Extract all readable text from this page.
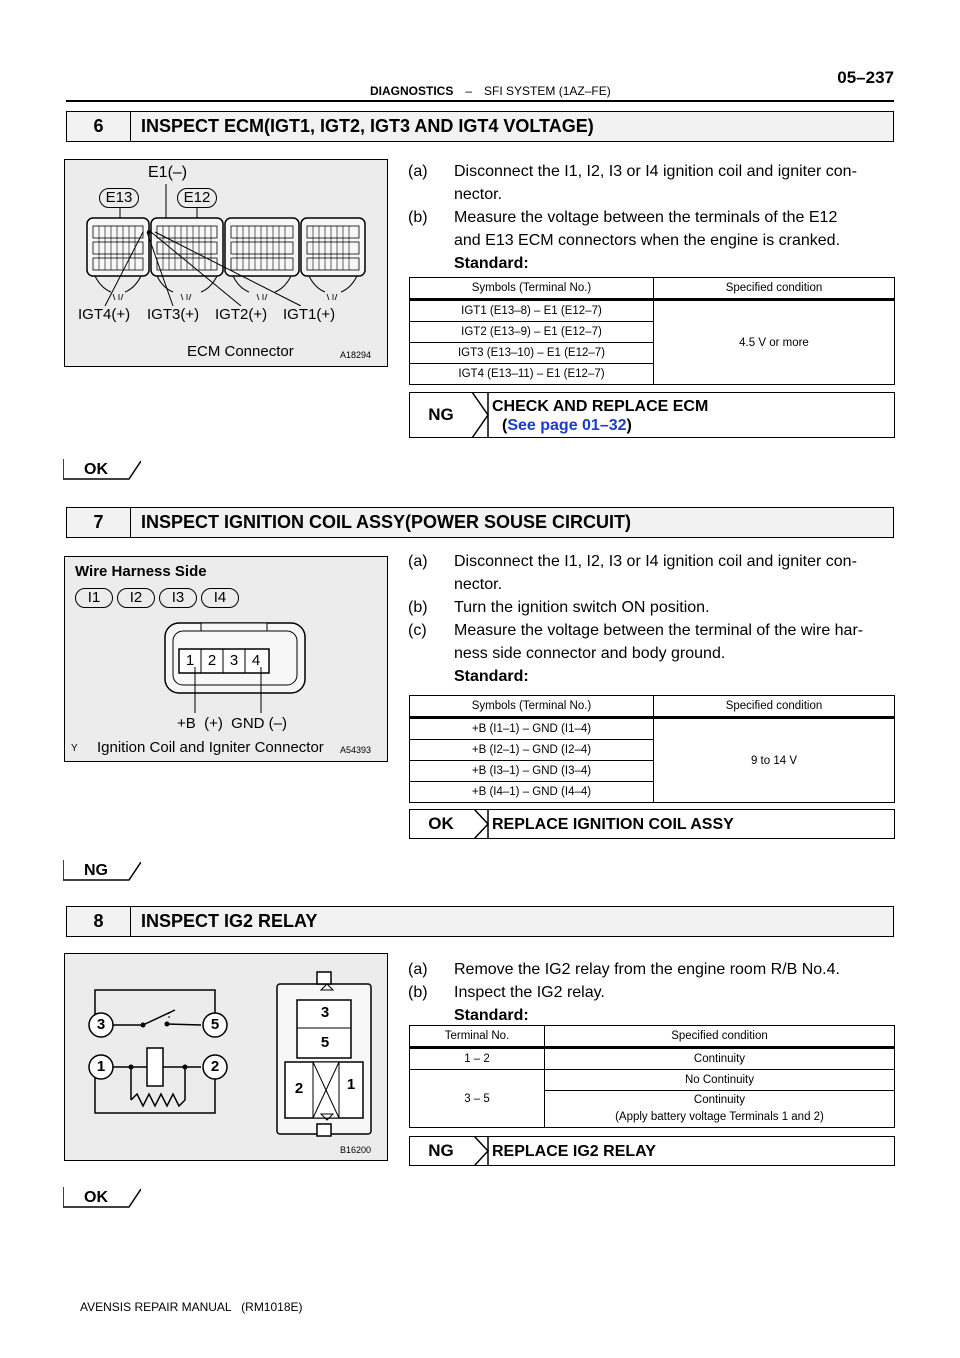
05–237
DIAGNOSTICS – SFI SYSTEM (1AZ–FE)
6	INSPECT ECM(IGT1, IGT2, IGT3 AND IGT4 VOLTAGE)
E1(–)
E13	E12
IGT4(+) IGT3(+) IGT2(+) IGT1(+)
ECM Connector	A18294
(a) Disconnect the I1, I2, I3 or I4 ignition coil and igniter con-
nector.
(b) Measure the voltage between the terminals of the E12
and E13 ECM connectors when the engine is cranked.
Standard:
Symbols (Terminal No.)	Specified condition
IGT1 (E13–8) – E1 (E12–7)	4.5 V or more
IGT2 (E13–9) – E1 (E12–7)	
IGT3 (E13–10) – E1 (E12–7)	
IGT4 (E13–11) – E1 (E12–7)	
NG	CHECK AND REPLACE ECM
(See page 01–32)
OK
7	INSPECT IGNITION COIL ASSY(POWER SOUSE CIRCUIT)
Wire Harness Side
I1	I2	I3	I4
1 2 3 4
+B  (+)  GND (–)
Y Ignition Coil and Igniter Connector A54393
(a) Disconnect the I1, I2, I3 or I4 ignition coil and igniter con-
nector.
(b) Turn the ignition switch ON position.
(c) Measure the voltage between the terminal of the wire har-
ness side connector and body ground.
Standard:
Symbols (Terminal No.)	Specified condition
+B (I1–1) – GND (I1–4)	9 to 14 V
+B (I2–1) – GND (I2–4)	
+B (I3–1) – GND (I3–4)	
+B (I4–1) – GND (I4–4)	
OK	REPLACE IGNITION COIL ASSY
NG
8	INSPECT IG2 RELAY
3	5
1	2
3
5
2	1
B16200
(a) Remove the IG2 relay from the engine room R/B No.4.
(b) Inspect the IG2 relay.
Standard:
Terminal No.	Specified condition
1 – 2	Continuity
3 – 5	No Continuity

	Continuity
(Apply battery voltage Terminals 1 and 2)
NG	REPLACE IG2 RELAY
OK
AVENSIS REPAIR MANUAL   (RM1018E)
